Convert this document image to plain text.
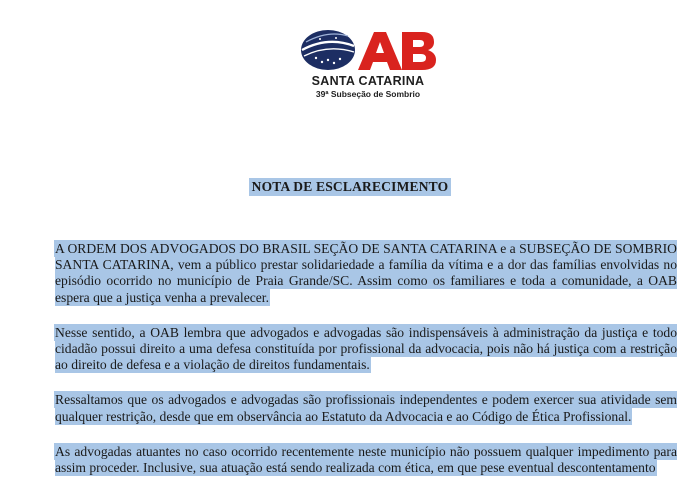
SANTA CATARINA
39ª Subseção de Sombrio
NOTA DE ESCLARECIMENTO

A ORDEM DOS ADVOGADOS DO BRASIL SEÇÃO DE SANTA CATARINA e a SUBSEÇÃO DE SOMBRIO SANTA CATARINA, vem a público prestar solidariedade a família da vítima e a dor das famílias envolvidas no episódio ocorrido no município de Praia Grande/SC. Assim como os familiares e toda a comunidade, a OAB espera que a justiça venha a prevalecer.

Nesse sentido, a OAB lembra que advogados e advogadas são indispensáveis à administração da justiça e todo cidadão possui direito a uma defesa constituída por profissional da advocacia, pois não há justiça com a restrição ao direito de defesa e a violação de direitos fundamentais.

Ressaltamos que os advogados e advogadas são profissionais independentes e podem exercer sua atividade sem qualquer restrição, desde que em observância ao Estatuto da Advocacia e ao Código de Ética Profissional.

As advogadas atuantes no caso ocorrido recentemente neste município não possuem qualquer impedimento para assim proceder. Inclusive, sua atuação está sendo realizada com ética, em que pese eventual descontentamento
